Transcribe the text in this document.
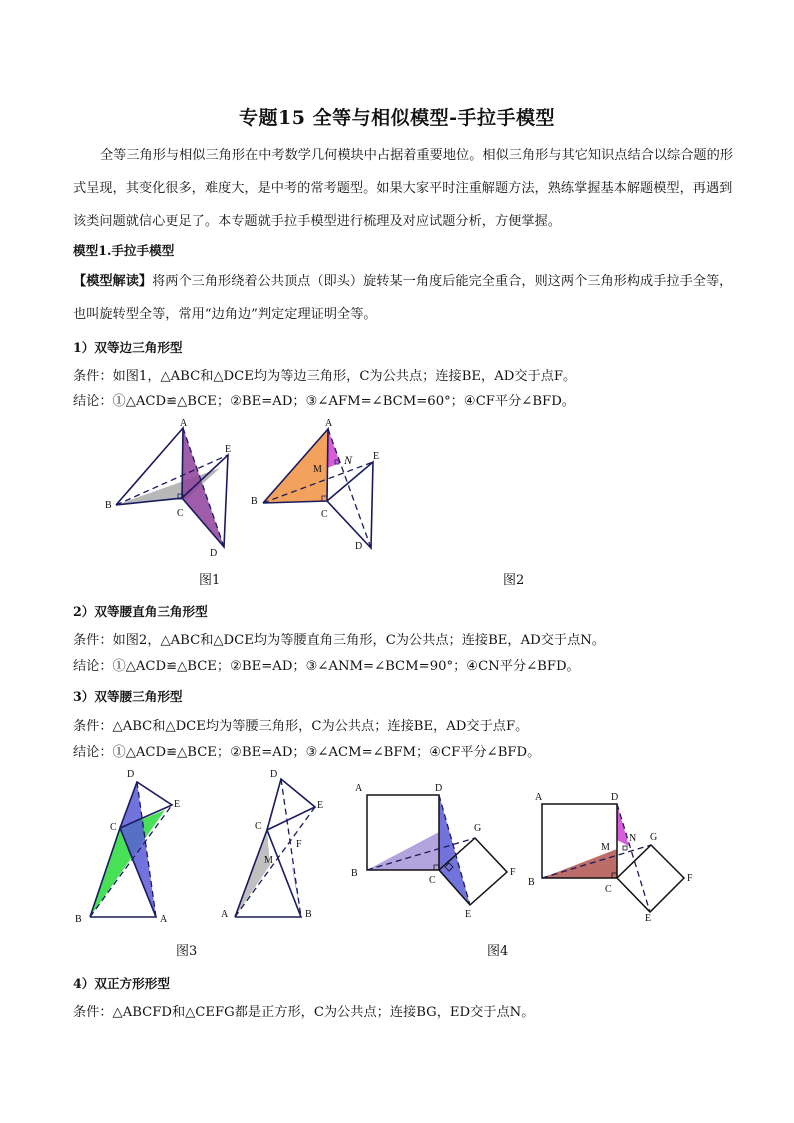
专题15 全等与相似模型-手拉手模型
全等三角形与相似三角形在中考数学几何模块中占据着重要地位。相似三角形与其它知识点结合以综合题的形式呈现，其变化很多，难度大，是中考的常考题型。如果大家平时注重解题方法，熟练掌握基本解题模型，再遇到该类问题就信心更足了。本专题就手拉手模型进行梳理及对应试题分析，方便掌握。
模型1.手拉手模型
【模型解读】将两个三角形绕着公共顶点（即头）旋转某一角度后能完全重合，则这两个三角形构成手拉手全等，也叫旋转型全等，常用“边角边”判定定理证明全等。
1）双等边三角形型
条件：如图1，△ABC和△DCE均为等边三角形，C为公共点；连接BE，AD交于点F。
结论：①△ACD≌△BCE；②BE=AD；③∠AFM=∠BCM=60°；④CF平分∠BFD。
A
B
C
D
E
A
B
C
D
E
M
N
图1	图2
2）双等腰直角三角形型
条件：如图2，△ABC和△DCE均为等腰直角三角形，C为公共点；连接BE，AD交于点N。
结论：①△ACD≌△BCE；②BE=AD；③∠ANM=∠BCM=90°；④CN平分∠BFD。
3）双等腰三角形型
条件：△ABC和△DCE均为等腰三角形，C为公共点；连接BE，AD交于点F。
结论：①△ACD≌△BCE；②BE=AD；③∠ACM=∠BFM；④CF平分∠BFD。
D
E
C
B	A
D
E
C
M
F
A	B
A	D
G
B
C
F
E
A	D
N G
M
B
C
F
E
图3	图4
4）双正方形形型
条件：△ABCFD和△CEFG都是正方形，C为公共点；连接BG，ED交于点N。
